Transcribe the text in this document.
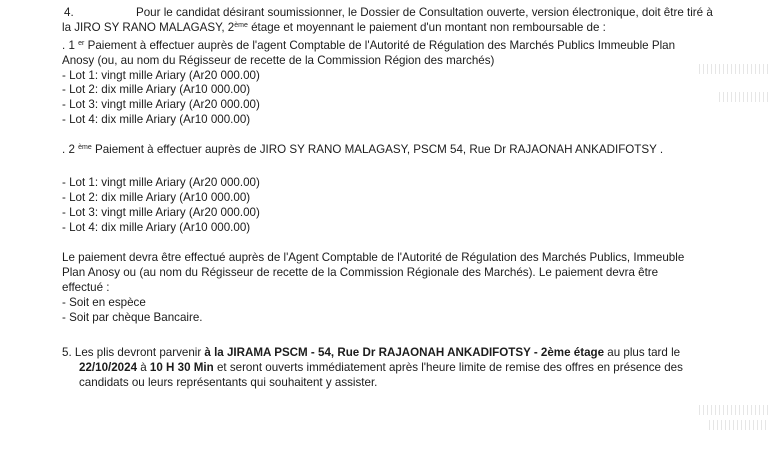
4.	Pour le candidat désirant soumissionner, le Dossier de Consultation ouverte, version électronique, doit être tiré à
la JIRO SY RANO MALAGASY, 2ème étage et moyennant le paiement d'un montant non remboursable de :
. 1 $^{er}$ Paiement à effectuer auprès de l'agent Comptable de l'Autorité de Régulation des Marchés Publics Immeuble Plan
Anosy (ou, au nom du Régisseur de recette de la Commission Région des marchés)
- Lot 1: vingt mille Ariary (Ar20 000.00)
- Lot 2: dix mille Ariary (Ar10 000.00)
- Lot 3: vingt mille Ariary (Ar20 000.00)
- Lot 4: dix mille Ariary (Ar10 000.00)
. 2 $^{ème}$ Paiement à effectuer auprès de JIRO SY RANO MALAGASY, PSCM 54, Rue Dr RAJAONAH ANKADIFOTSY .
- Lot 1: vingt mille Ariary (Ar20 000.00)
- Lot 2: dix mille Ariary (Ar10 000.00)
- Lot 3: vingt mille Ariary (Ar20 000.00)
- Lot 4: dix mille Ariary (Ar10 000.00)
Le paiement devra être effectué auprès de l'Agent Comptable de l'Autorité de Régulation des Marchés Publics, Immeuble
Plan Anosy ou (au nom du Régisseur de recette de la Commission Régionale des Marchés). Le paiement devra être
effectué :
- Soit en espèce
- Soit par chèque Bancaire.
5. Les plis devront parvenir à la JIRAMA PSCM - 54, Rue Dr RAJAONAH ANKADIFOTSY - 2ème étage au plus tard le
22/10/2024 à 10 H 30 Min et seront ouverts immédiatement après l'heure limite de remise des offres en présence des
candidats ou leurs représentants qui souhaitent y assister.
